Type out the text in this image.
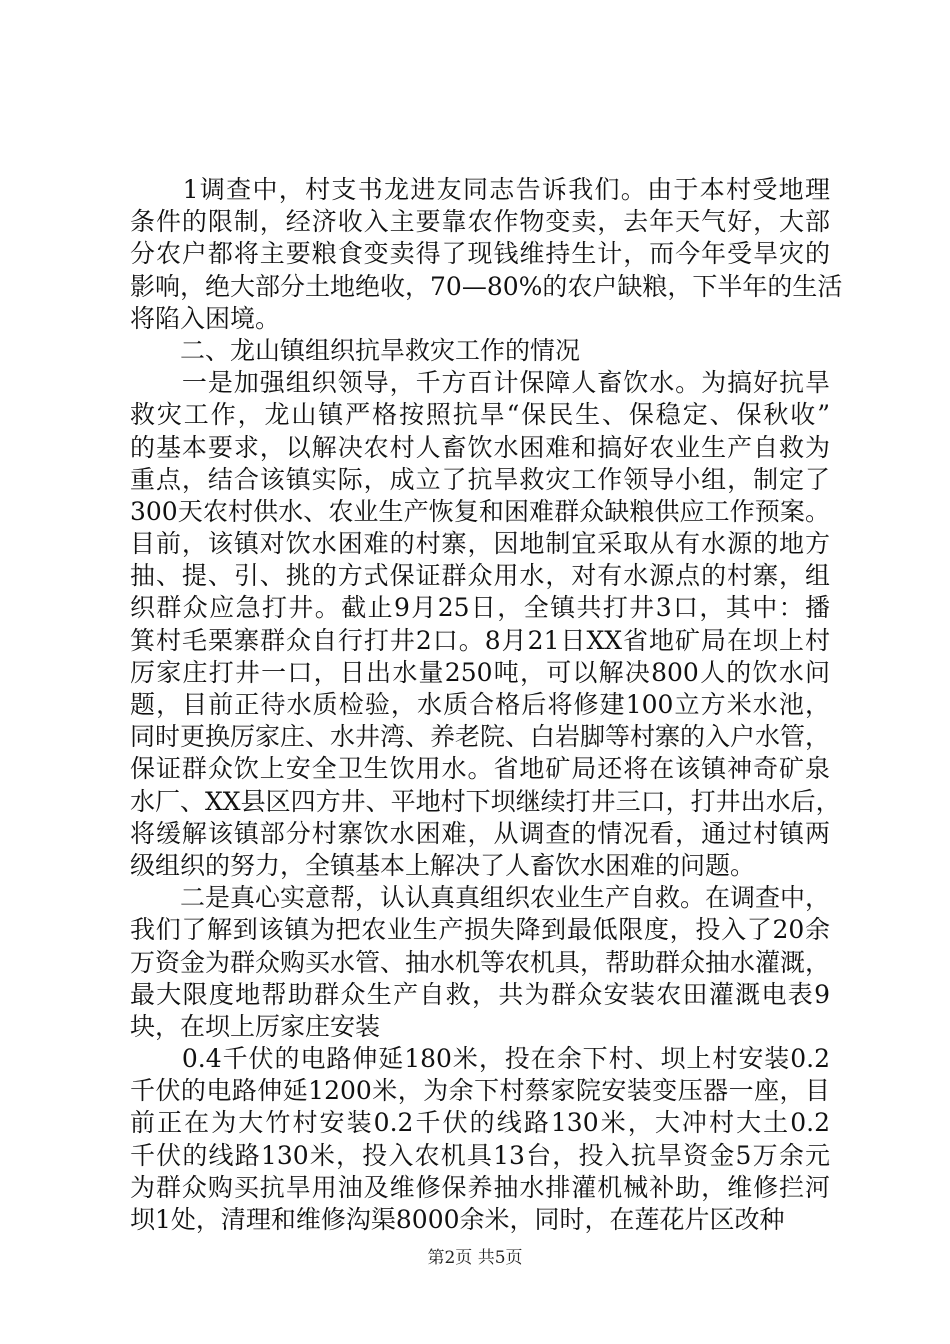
　　1调查中，村支书龙进友同志告诉我们。由于本村受地理
条件的限制，经济收入主要靠农作物变卖，去年天气好，大部
分农户都将主要粮食变卖得了现钱维持生计，而今年受旱灾的
影响，绝大部分土地绝收，70—80%的农户缺粮，下半年的生活
将陷入困境。
　　二、龙山镇组织抗旱救灾工作的情况
　　一是加强组织领导，千方百计保障人畜饮水。为搞好抗旱
救灾工作，龙山镇严格按照抗旱“保民生、保稳定、保秋收”
的基本要求，以解决农村人畜饮水困难和搞好农业生产自救为
重点，结合该镇实际，成立了抗旱救灾工作领导小组，制定了
300天农村供水、农业生产恢复和困难群众缺粮供应工作预案。
目前，该镇对饮水困难的村寨，因地制宜采取从有水源的地方
抽、提、引、挑的方式保证群众用水，对有水源点的村寨，组
织群众应急打井。截止9月25日，全镇共打井3口，其中：播
箕村毛栗寨群众自行打井2口。8月21日XX省地矿局在坝上村
厉家庄打井一口，日出水量250吨，可以解决800人的饮水问
题，目前正待水质检验，水质合格后将修建100立方米水池，
同时更换厉家庄、水井湾、养老院、白岩脚等村寨的入户水管，
保证群众饮上安全卫生饮用水。省地矿局还将在该镇神奇矿泉
水厂、XX县区四方井、平地村下坝继续打井三口，打井出水后，
将缓解该镇部分村寨饮水困难，从调查的情况看，通过村镇两
级组织的努力，全镇基本上解决了人畜饮水困难的问题。
　　二是真心实意帮，认认真真组织农业生产自救。在调查中，
我们了解到该镇为把农业生产损失降到最低限度，投入了20余
万资金为群众购买水管、抽水机等农机具，帮助群众抽水灌溉，
最大限度地帮助群众生产自救，共为群众安装农田灌溉电表9
块，在坝上厉家庄安装
　　0.4千伏的电路伸延180米，投在余下村、坝上村安装0.2
千伏的电路伸延1200米，为余下村蔡家院安装变压器一座，目
前正在为大竹村安装0.2千伏的线路130米，大冲村大土0.2
千伏的线路130米，投入农机具13台，投入抗旱资金5万余元
为群众购买抗旱用油及维修保养抽水排灌机械补助，维修拦河
坝1处，清理和维修沟渠8000余米，同时，在莲花片区改种
第2页 共5页
